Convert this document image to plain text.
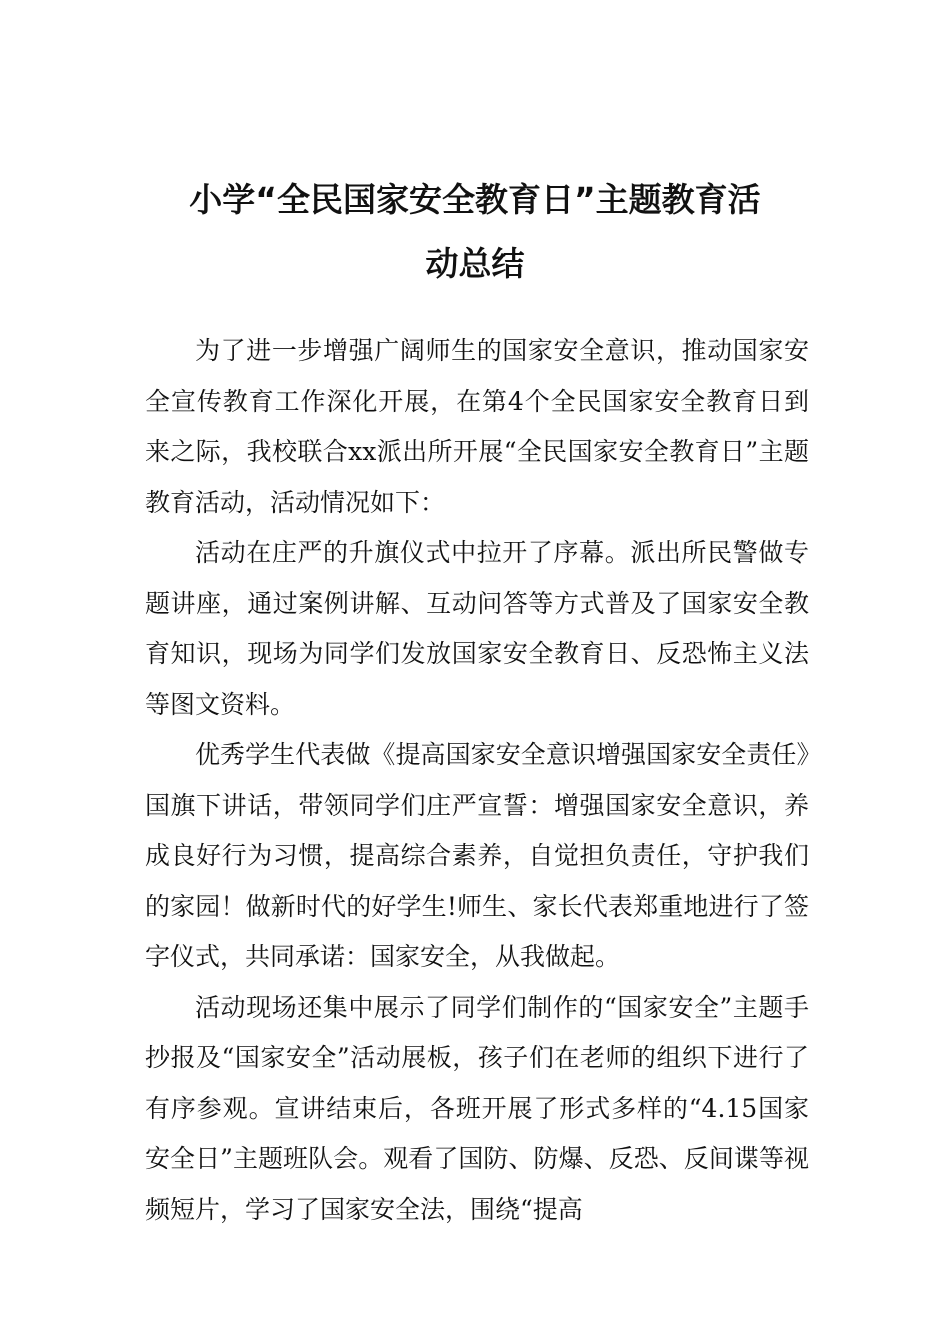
小学“全民国家安全教育日”主题教育活
动总结

为了进一步增强广阔师生的国家安全意识，推动国家安全宣传教育工作深化开展，在第4个全民国家安全教育日到来之际，我校联合xx派出所开展“全民国家安全教育日”主题教育活动，活动情况如下：

活动在庄严的升旗仪式中拉开了序幕。派出所民警做专题讲座，通过案例讲解、互动问答等方式普及了国家安全教育知识，现场为同学们发放国家安全教育日、反恐怖主义法等图文资料。

优秀学生代表做《提高国家安全意识增强国家安全责任》国旗下讲话，带领同学们庄严宣誓：增强国家安全意识，养成良好行为习惯，提高综合素养，自觉担负责任，守护我们的家园！做新时代的好学生!师生、家长代表郑重地进行了签字仪式，共同承诺：国家安全，从我做起。

活动现场还集中展示了同学们制作的“国家安全”主题手抄报及“国家安全”活动展板，孩子们在老师的组织下进行了有序参观。宣讲结束后，各班开展了形式多样的“4.15国家安全日”主题班队会。观看了国防、防爆、反恐、反间谍等视频短片，学习了国家安全法，围绕“提高
